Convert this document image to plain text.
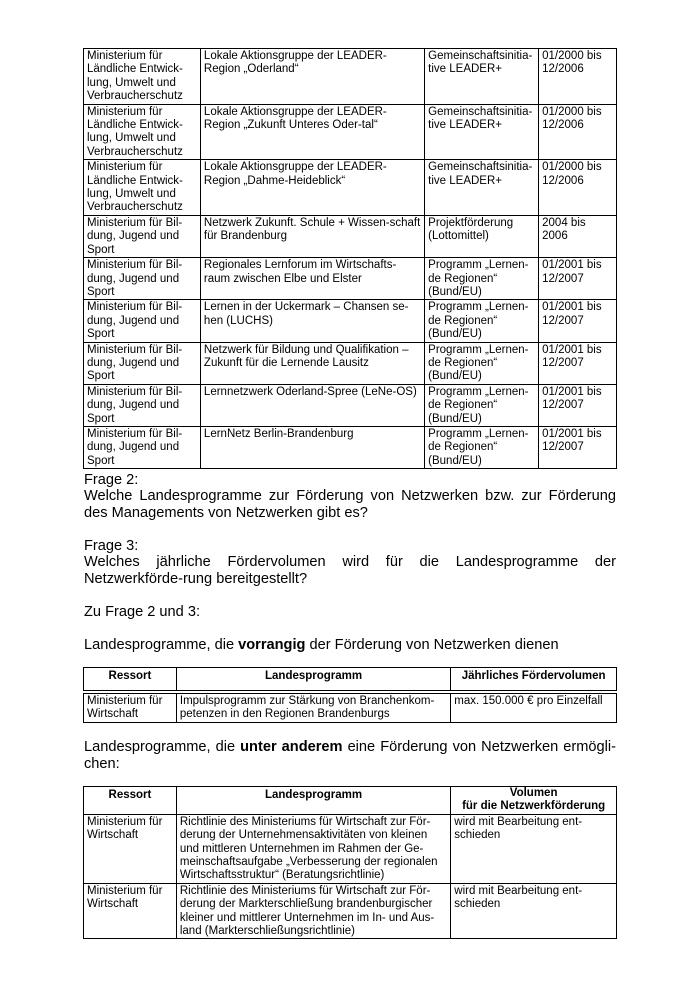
Ministerium für Ländliche Entwick-lung, Umwelt und Verbraucherschutz	Lokale Aktionsgruppe der LEADER-Region „Oderland“	Gemeinschaftsinitia-tive LEADER+	01/2000 bis 12/2006
Ministerium für Ländliche Entwick-lung, Umwelt und Verbraucherschutz	Lokale Aktionsgruppe der LEADER-Region „Zukunft Unteres Oder-tal“	Gemeinschaftsinitia-tive LEADER+	01/2000 bis 12/2006
Ministerium für Ländliche Entwick-lung, Umwelt und Verbraucherschutz	Lokale Aktionsgruppe der LEADER-Region „Dahme-Heideblick“	Gemeinschaftsinitia-tive LEADER+	01/2000 bis 12/2006
Ministerium für Bil-dung, Jugend und Sport	Netzwerk Zukunft. Schule + Wissen-schaft für Brandenburg	Projektförderung (Lottomittel)	2004 bis 2006
Ministerium für Bil-dung, Jugend und Sport	Regionales Lernforum im Wirtschafts-raum zwischen Elbe und Elster	Programm „Lernen-de Regionen“ (Bund/EU)	01/2001 bis 12/2007
Ministerium für Bil-dung, Jugend und Sport	Lernen in der Uckermark – Chansen se-hen (LUCHS)	Programm „Lernen-de Regionen“ (Bund/EU)	01/2001 bis 12/2007
Ministerium für Bil-dung, Jugend und Sport	Netzwerk für Bildung und Qualifikation – Zukunft für die Lernende Lausitz	Programm „Lernen-de Regionen“ (Bund/EU)	01/2001 bis 12/2007
Ministerium für Bil-dung, Jugend und Sport	Lernnetzwerk Oderland-Spree (LeNe-OS)	Programm „Lernen-de Regionen“ (Bund/EU)	01/2001 bis 12/2007
Ministerium für Bil-dung, Jugend und Sport	LernNetz Berlin-Brandenburg	Programm „Lernen-de Regionen“ (Bund/EU)	01/2001 bis 12/2007

Frage 2:

Welche Landesprogramme zur Förderung von Netzwerken bzw. zur Förderung des Managements von Netzwerken gibt es?

Frage 3:

Welches jährliche Fördervolumen wird für die Landesprogramme der Netzwerkförde-rung bereitgestellt?

Zu Frage 2 und 3:

Landesprogramme, die vorrangig der Förderung von Netzwerken dienen

Ressort	Landesprogramm	Jährliches Fördervolumen

Ministerium für Wirtschaft	Impulsprogramm zur Stärkung von Branchenkom-petenzen in den Regionen Brandenburgs	max. 150.000 € pro Einzelfall

Landesprogramme, die unter anderem eine Förderung von Netzwerken ermögli-chen:

Ressort	Landesprogramm	Volumen
für die Netzwerkförderung
Ministerium für Wirtschaft	Richtlinie des Ministeriums für Wirtschaft zur För-derung der Unternehmensaktivitäten von kleinen und mittleren Unternehmen im Rahmen der Ge-meinschaftsaufgabe „Verbesserung der regionalen Wirtschaftsstruktur“ (Beratungsrichtlinie)	wird mit Bearbeitung ent-schieden
Ministerium für Wirtschaft	Richtlinie des Ministeriums für Wirtschaft zur För-derung der Markterschließung brandenburgischer kleiner und mittlerer Unternehmen im In- und Aus-land (Markterschließungsrichtlinie)	wird mit Bearbeitung ent-schieden
